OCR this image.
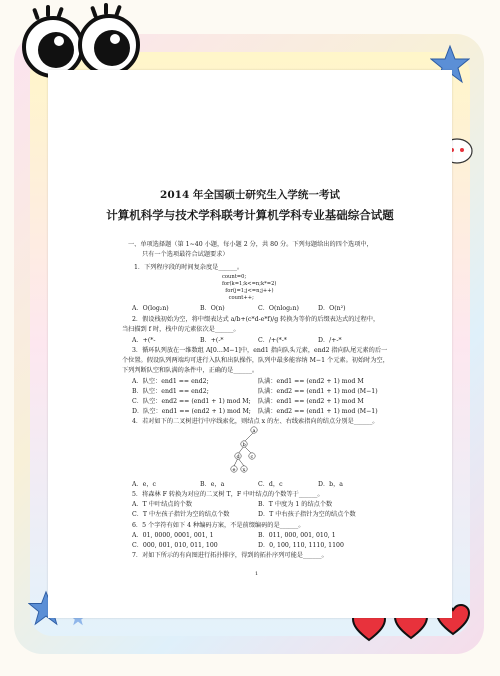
2014 年全国硕士研究生入学统一考试
计算机科学与技术学科联考计算机学科专业基础综合试题
一、单项选择题（第 1~40 小题，每小题 2 分，共 80 分。下列每题给出的四个选项中，
只有一个选项最符合试题要求）
1．下列程序段的时间复杂度是______。
count=0;
for(k=1;k<=n;k*=2)
for(j=1;j<=n;j++)
count++;
A．O(log₂n)	B．O(n)	C．O(nlog₂n)	D．O(n²)
2．假设栈初始为空，将中缀表达式 a/b+(c*d-e*f)/g 转换为等价的后缀表达式的过程中，
当扫描到 f 时，栈中的元素依次是______。
A．+(*-	B．+(-*	C．/+(*-*	D．/+-*
3．循环队列放在一维数组 A[0…M−1]中，end1 指向队头元素，end2 指向队尾元素的后一
个位置。假设队列两端均可进行入队和出队操作，队列中最多能容纳 M−1 个元素。初始时为空，
下列判断队空和队满的条件中，正确的是______。
A．队空：end1 == end2;	队满：end1 == (end2 + 1) mod M
B．队空：end1 == end2;	队满：end2 == (end1 + 1) mod (M−1)
C．队空：end2 == (end1 + 1) mod M; 队满：end1 == (end2 + 1) mod M
D．队空：end1 == (end2 + 1) mod M; 队满：end2 == (end1 + 1) mod (M−1)
4．若对如下的二叉树进行中序线索化，则结点 x 的左、右线索指向的结点分别是______。
a
b
d c
e x
A．e，c	B．e，a	C．d，c	D．b，a
5．将森林 F 转换为对应的二叉树 T，F 中叶结点的个数等于______。
A．T 中叶结点的个数	B．T 中度为 1 的结点个数
C．T 中左孩子指针为空的结点个数	D．T 中右孩子指针为空的结点个数
6．5 个字符有如下 4 种编码方案，不是前缀编码的是______。
A．01, 0000, 0001, 001, 1	B．011, 000, 001, 010, 1
C．000, 001, 010, 011, 100	D．0, 100, 110, 1110, 1100
7．对如下所示的有向图进行拓扑排序，得到的拓扑序列可能是______。
1
